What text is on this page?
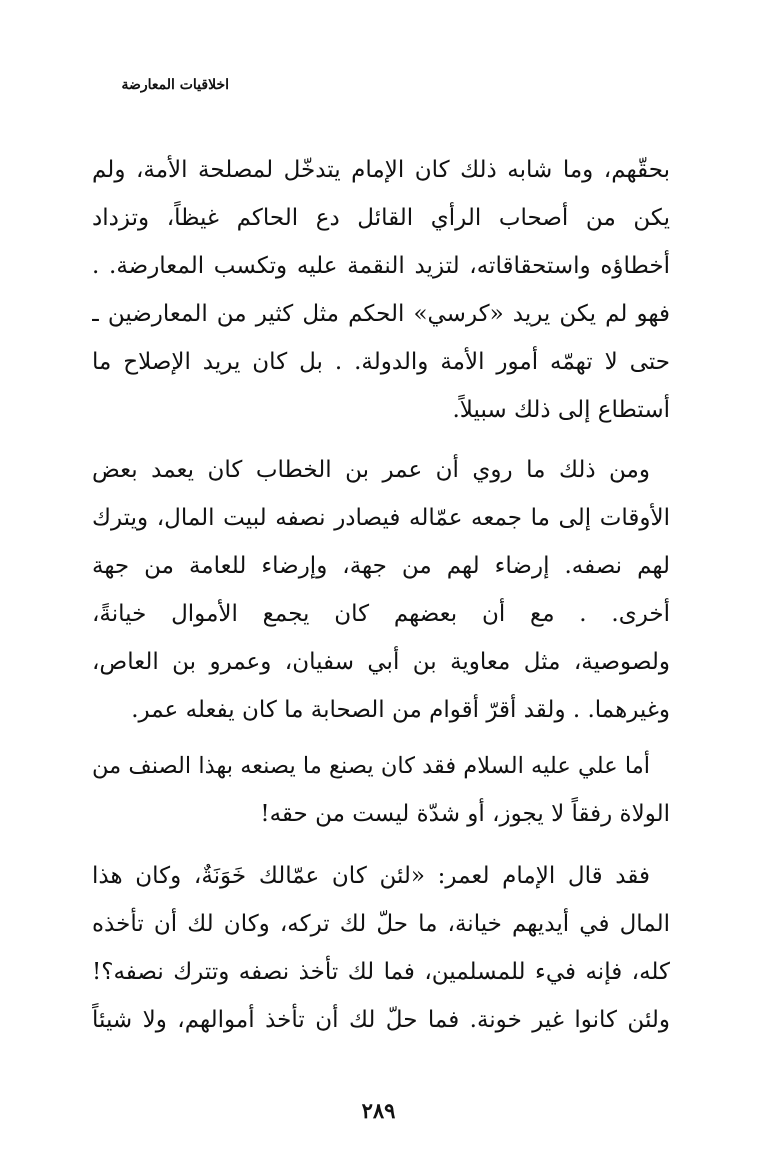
اخلاقيات المعارضة
بحقّهم، وما شابه ذلك كان الإمام يتدخّل لمصلحة الأمة، ولم
يكن من أصحاب الرأي القائل دع الحاكم غيظاً، وتزداد
أخطاؤه واستحقاقاته، لتزيد النقمة عليه وتكسب المعارضة. .
فهو لم يكن يريد «كرسي» الحكم مثل كثير من المعارضين ـ
حتى لا تهمّه أمور الأمة والدولة. . بل كان يريد الإصلاح ما
أستطاع إلى ذلك سبيلاً.
ومن ذلك ما روي أن عمر بن الخطاب كان يعمد بعض
الأوقات إلى ما جمعه عمّاله فيصادر نصفه لبيت المال، ويترك
لهم نصفه. إرضاء لهم من جهة، وإرضاء للعامة من جهة
أخرى. . مع أن بعضهم كان يجمع الأموال خيانةً،
ولصوصية، مثل معاوية بن أبي سفيان، وعمرو بن العاص،
وغيرهما. . ولقد أقرّ أقوام من الصحابة ما كان يفعله عمر.
أما علي عليه السلام فقد كان يصنع ما يصنعه بهذا الصنف من
الولاة رفقاً لا يجوز، أو شدّة ليست من حقه!
فقد قال الإمام لعمر: «لئن كان عمّالك خَوَنَةٌ، وكان هذا
المال في أيديهم خيانة، ما حلّ لك تركه، وكان لك أن تأخذه
كله، فإنه فيء للمسلمين، فما لك تأخذ نصفه وتترك نصفه؟!
ولئن كانوا غير خونة. فما حلّ لك أن تأخذ أموالهم، ولا شيئاً
٢٨٩
